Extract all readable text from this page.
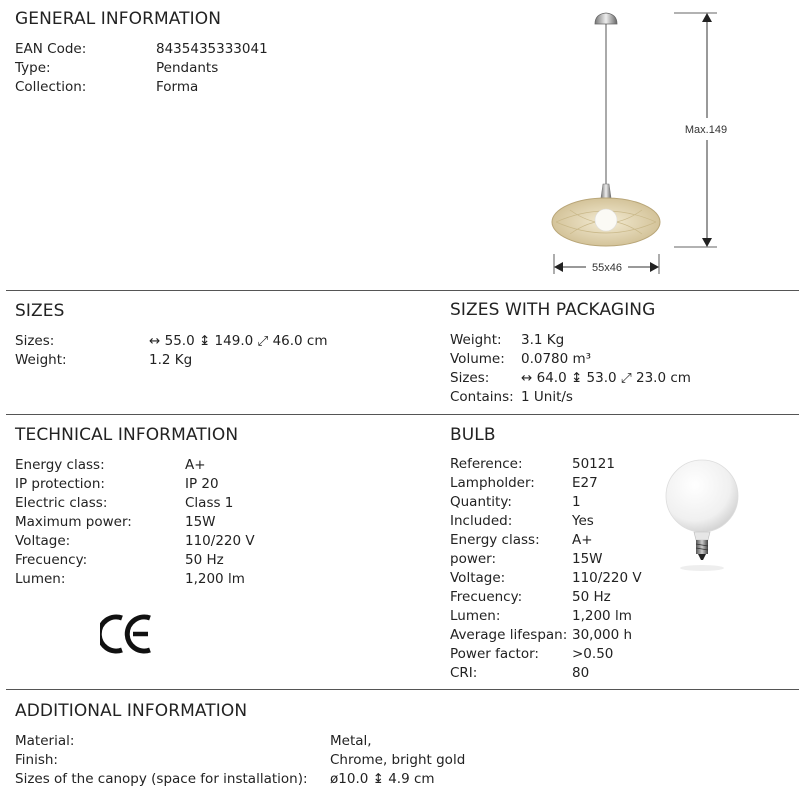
GENERAL INFORMATION
EAN Code:	8435435333041
Type:	Pendants
Collection:	Forma
Max.149
55x46
SIZES
Sizes:	↔ 55.0 ↨ 149.0 ⤢ 46.0 cm
Weight:	1.2 Kg
SIZES WITH PACKAGING
Weight: 3.1 Kg
Volume: 0.0780 m³
Sizes: ↔ 64.0 ↨ 53.0 ⤢ 23.0 cm
Contains: 1 Unit/s
TECHNICAL INFORMATION
Energy class:	A+
IP protection:	IP 20
Electric class:	Class 1
Maximum power:	15W
Voltage:	110/220 V
Frecuency:	50 Hz
Lumen:	1,200 lm
BULB
Reference:	50121
Lampholder:	E27
Quantity:	1
Included:	Yes
Energy class: A+
power:	15W
Voltage:	110/220 V
Frecuency:	50 Hz
Lumen:	1,200 lm
Average lifespan: 30,000 h
Power factor: >0.50
CRI:	80
ADDITIONAL INFORMATION
Material:	Metal,
Finish:	Chrome, bright gold
Sizes of the canopy (space for installation): ø10.0 ↨ 4.9 cm
